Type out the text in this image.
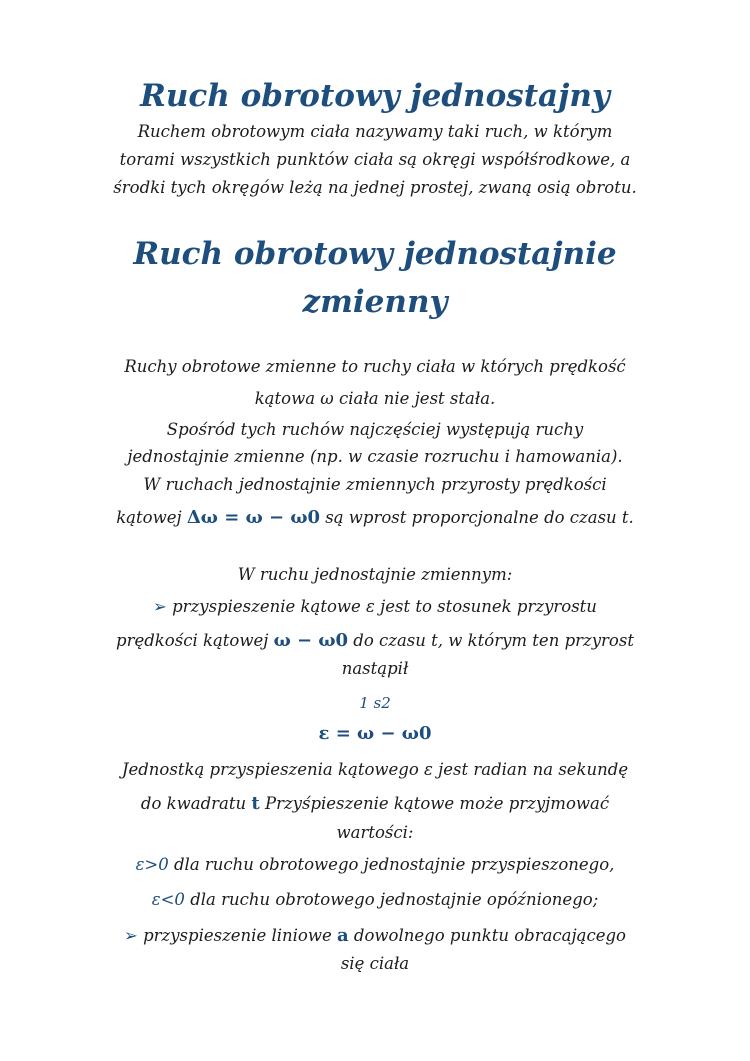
Ruch obrotowy jednostajny
Ruchem obrotowym ciała nazywamy taki ruch, w którym
torami wszystkich punktów ciała są okręgi współśrodkowe, a
środki tych okręgów leżą na jednej prostej, zwaną osią obrotu.
Ruch obrotowy jednostajnie
zmienny
Ruchy obrotowe zmienne to ruchy ciała w których prędkość
kątowa ω ciała nie jest stała.
Spośród tych ruchów najczęściej występują ruchy
jednostajnie zmienne (np. w czasie rozruchu i hamowania).
W ruchach jednostajnie zmiennych przyrosty prędkości
kątowej Δω = ω − ω0 są wprost proporcjonalne do czasu t.
W ruchu jednostajnie zmiennym:
➢ przyspieszenie kątowe ε jest to stosunek przyrostu
prędkości kątowej ω − ω0 do czasu t, w którym ten przyrost
nastąpił
1 s2
ε = ω − ω0
Jednostką przyspieszenia kątowego ε jest radian na sekundę
do kwadratu t Przyśpieszenie kątowe może przyjmować
wartości:
ε>0 dla ruchu obrotowego jednostajnie przyspieszonego,
ε<0 dla ruchu obrotowego jednostajnie opóźnionego;
➢ przyspieszenie liniowe a dowolnego punktu obracającego
się ciała
